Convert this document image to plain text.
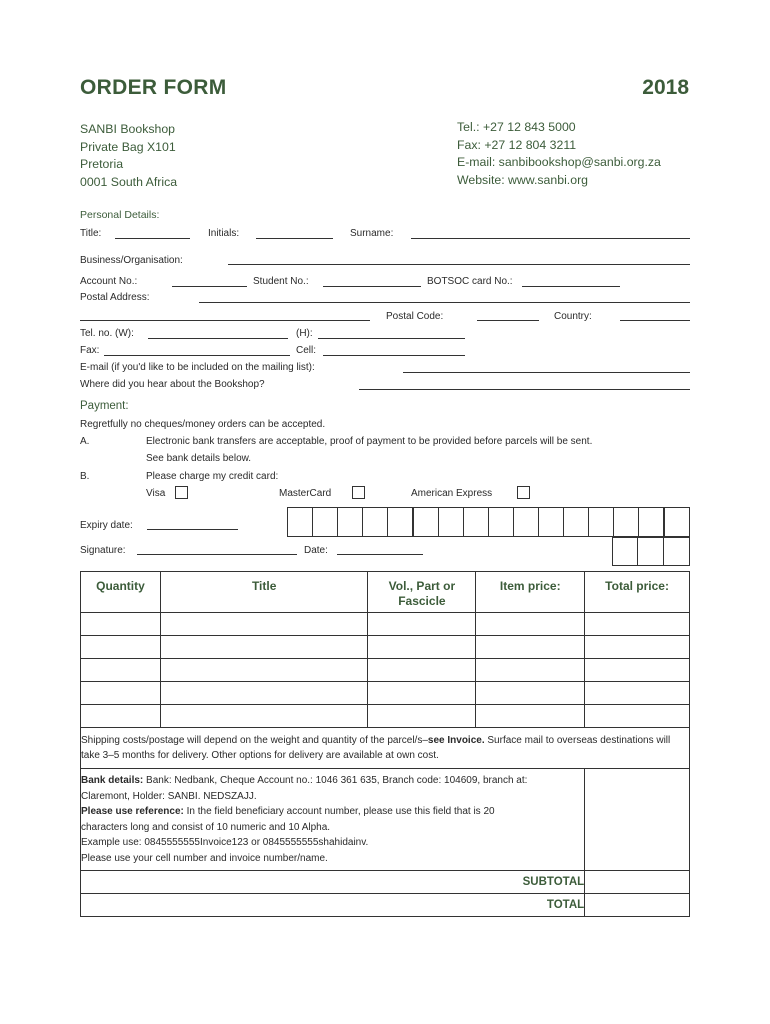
ORDER FORM	2018
SANBI Bookshop
Private Bag X101
Pretoria
0001 South Africa
Tel.: +27 12 843 5000
Fax: +27 12 804 3211
E-mail: sanbibookshop@sanbi.org.za
Website: www.sanbi.org
Personal Details:
Title:	Initials:	Surname:
Business/Organisation:
Account No.:	Student No.:	BOTSOC card No.:
Postal Address:
Postal Code:	Country:
Tel. no. (W):	(H):
Fax:	Cell:
E-mail (if you'd like to be included on the mailing list):
Where did you hear about the Bookshop?
Payment:
Regretfully no cheques/money orders can be accepted.
A.	Electronic bank transfers are acceptable, proof of payment to be provided before parcels will be sent.
See bank details below.
B.	Please charge my credit card:
Visa	MasterCard	American Express
Expiry date:
Signature:	Date:
Quantity	Title	Vol., Part or Fascicle	Item price:	Total price:

Shipping costs/postage will depend on the weight and quantity of the parcel/s–see Invoice. Surface mail to overseas destinations will take 3–5 months for delivery. Other options for delivery are available at own cost.				

Bank details: Bank: Nedbank, Cheque Account no.: 1046 361 635, Branch code: 104609, branch at: Claremont, Holder: SANBI. NEDSZAJJ.
Please use reference: In the field beneficiary account number, please use this field that is 20 characters long and consist of 10 numeric and 10 Alpha.
Example use: 0845555555Invoice123 or 0845555555shahidainv.
Please use your cell number and invoice number/name.				

SUBTOTAL				
TOTAL				
